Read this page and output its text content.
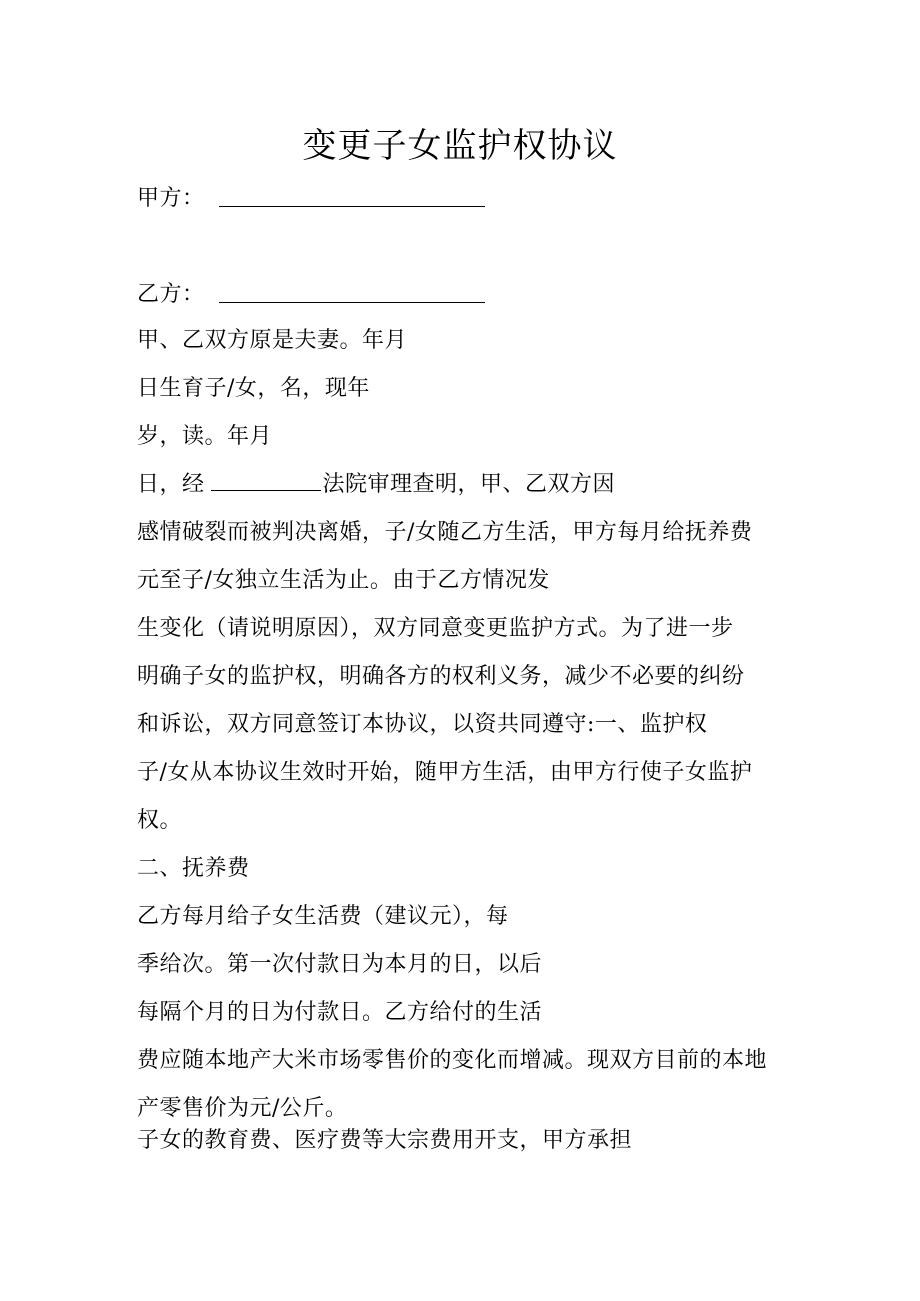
变更子女监护权协议
甲方：
乙方：
甲、乙双方原是夫妻。年月
日生育子/女，名，现年
岁，读。年月
日，经	法院审理查明，甲、乙双方因
感情破裂而被判决离婚，子/女随乙方生活，甲方每月给抚养费
元至子/女独立生活为止。由于乙方情况发
生变化（请说明原因），双方同意变更监护方式。为了进一步
明确子女的监护权，明确各方的权利义务，减少不必要的纠纷
和诉讼，双方同意签订本协议，以资共同遵守:一、监护权
子/女从本协议生效时开始，随甲方生活，由甲方行使子女监护
权。
二、抚养费
乙方每月给子女生活费（建议元），每
季给次。第一次付款日为本月的日，以后
每隔个月的日为付款日。乙方给付的生活
费应随本地产大米市场零售价的变化而增减。现双方目前的本地
产零售价为元/公斤。
子女的教育费、医疗费等大宗费用开支，甲方承担
